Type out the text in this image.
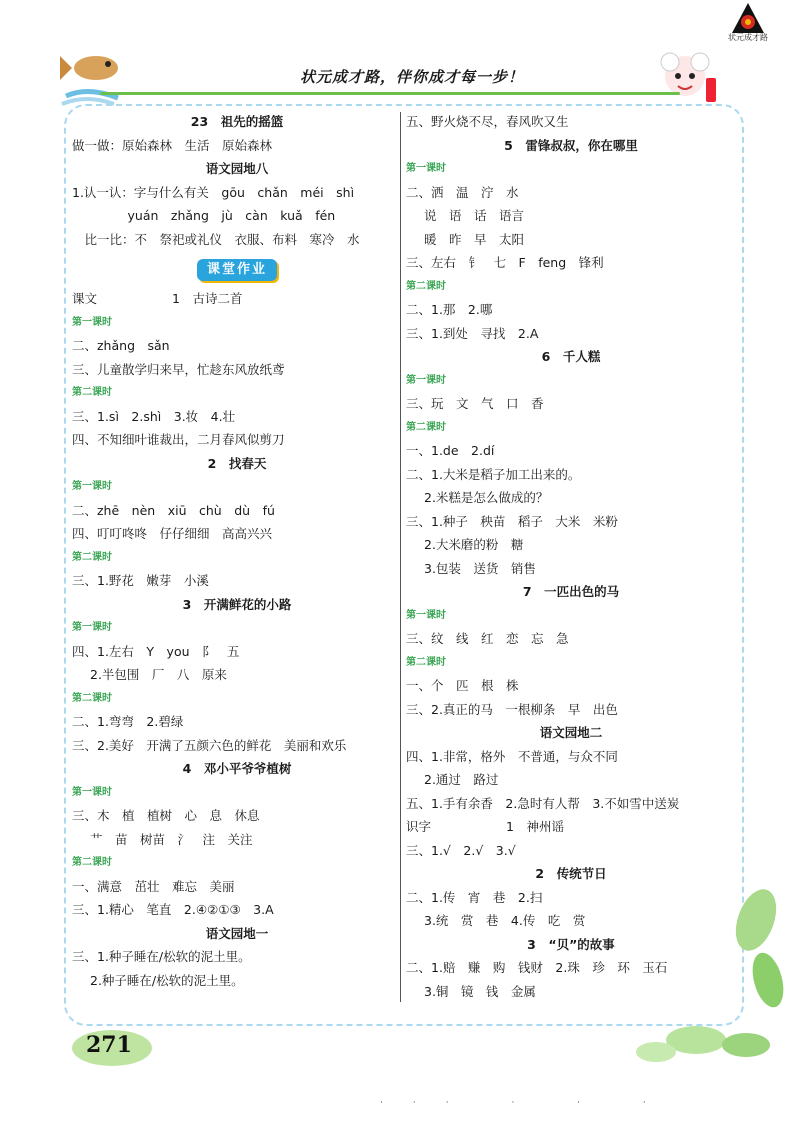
状元成才路
状元成才路，伴你成才每一步！
23　祖先的摇篮
做一做：原始森林　生活　原始森林
语文园地八
1.认一认：字与什么有关　gōu　chǎn　méi　shì
　　　yuán　zhǎng　jù　càn　kuǎ　fén
　比一比：不　祭祀或礼仪　衣服、布料　寒冷　水
课堂作业
课文　　　　　　1　古诗二首
第一课时
二、zhǎng　sǎn
三、儿童散学归来早，忙趁东风放纸鸢
第二课时
三、1.sì　2.shì　3.妆　4.壮
四、不知细叶谁裁出，二月春风似剪刀
2　找春天
第一课时
二、zhē　nèn　xiū　chù　dù　fú
四、叮叮咚咚　仔仔细细　高高兴兴
第二课时
三、1.野花　嫩芽　小溪
3　开满鲜花的小路
第一课时
四、1.左右　Y　you　阝　五
2.半包围　厂　八　原来
第二课时
二、1.弯弯　2.碧绿
三、2.美好　开满了五颜六色的鲜花　美丽和欢乐
4　邓小平爷爷植树
第一课时
三、木　植　植树　心　息　休息
艹　苗　树苗　氵　注　关注
第二课时
一、满意　茁壮　难忘　美丽
三、1.精心　笔直　2.④②①③　3.A
语文园地一
三、1.种子睡在/松软的泥土里。
2.种子睡在/松软的泥土里。
五、野火烧不尽，春风吹又生
5　雷锋叔叔，你在哪里
第一课时
二、洒　温　泞　水
说　语　话　语言
暖　昨　早　太阳
三、左右　钅　七　F　feng　锋利
第二课时
二、1.那　2.哪
三、1.到处　寻找　2.A
6　千人糕
第一课时
三、玩　文　气　口　香
第二课时
一、1.de　2.dí
二、1.大米是稻子加工出来的。
2.米糕是怎么做成的？
三、1.种子　秧苗　稻子　大米　米粉
2.大米磨的粉　糖
3.包装　送货　销售
7　一匹出色的马
第一课时
三、纹　线　红　恋　忘　急
第二课时
一、个　匹　根　株
三、2.真正的马　一根柳条　早　出色
语文园地二
四、1.非常，格外　不普通，与众不同
2.通过　路过
五、1.手有余香　2.急时有人帮　3.不如雪中送炭
识字　　　　　　1　神州谣
三、1.√　2.√　3.√
2　传统节日
二、1.传　宵　巷　2.扫
3.统　赏　巷　4.传　吃　赏
3　“贝”的故事
二、1.赔　赚　购　钱财　2.珠　珍　环　玉石
3.铜　镜　钱　金属
271
··· · · ·
